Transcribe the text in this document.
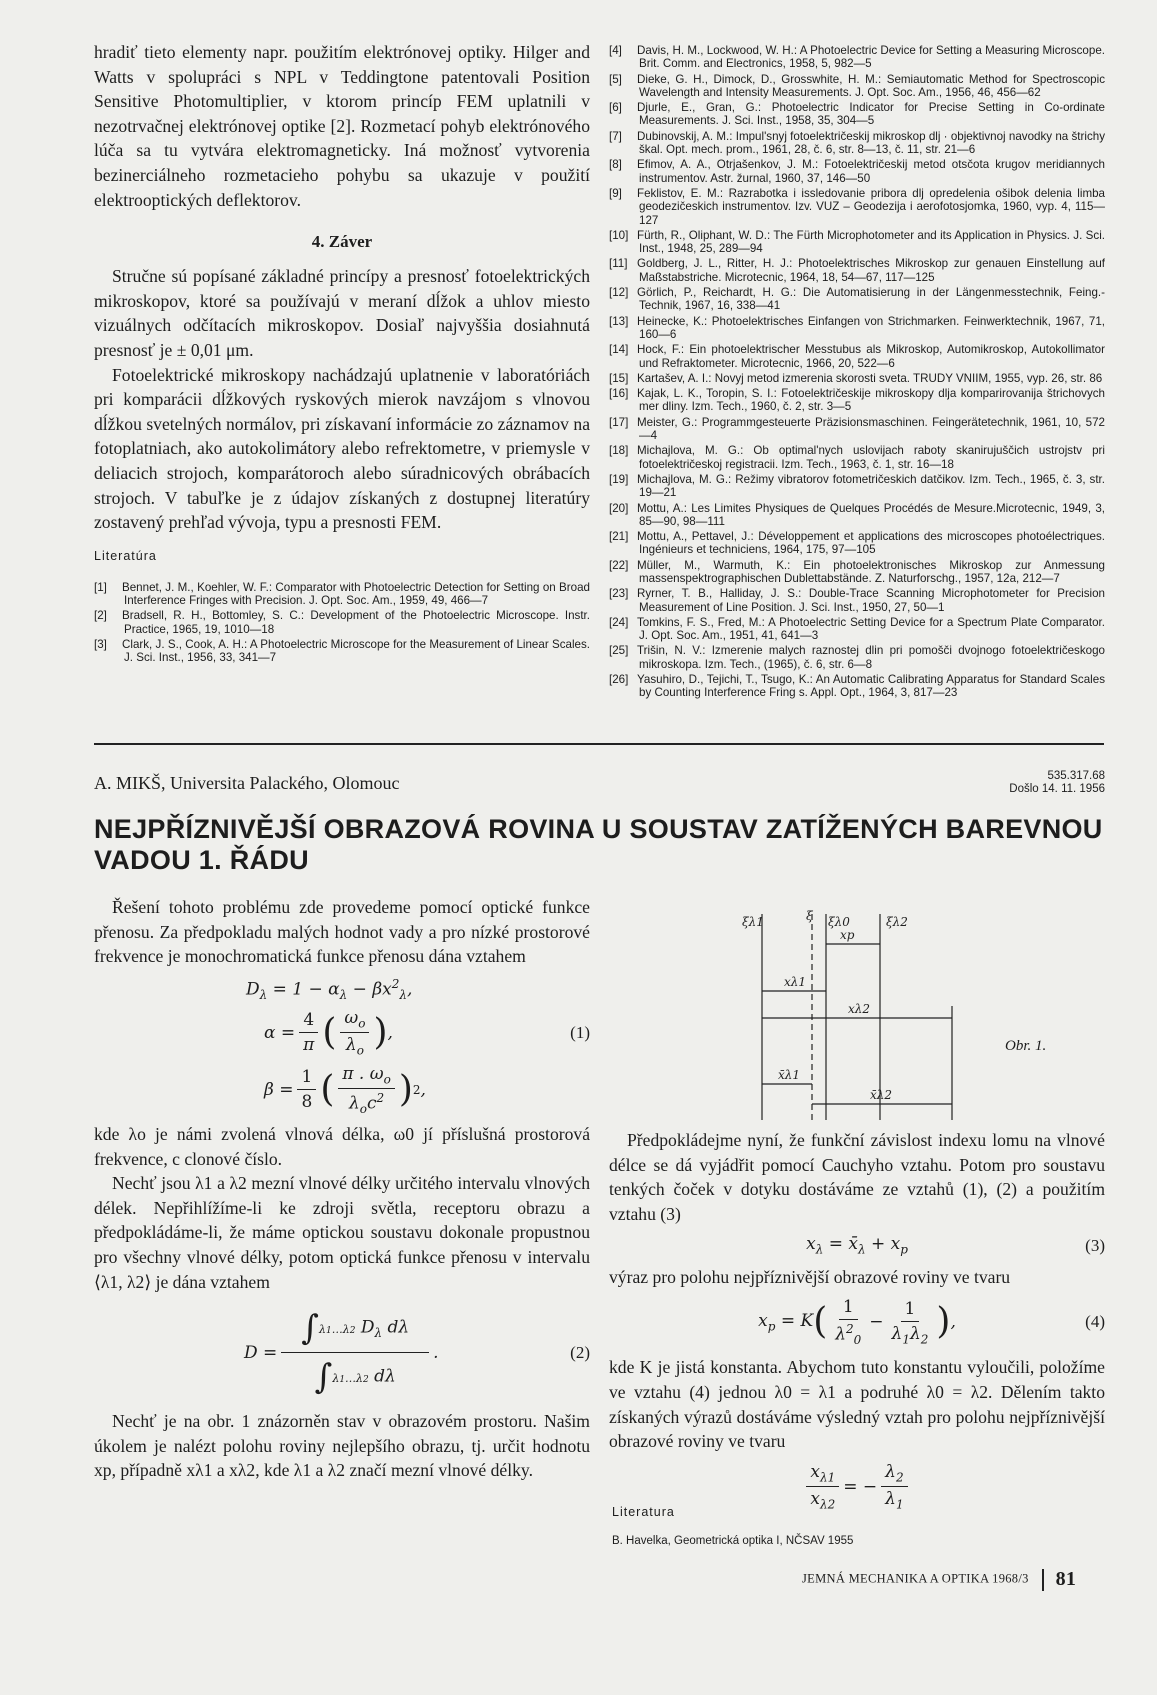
hradiť tieto elementy napr. použitím elektrónovej optiky. Hilger and Watts v spolupráci s NPL v Teddingtone patentovali Position Sensitive Photomultiplier, v ktorom princíp FEM uplatnili v nezotrvačnej elektrónovej optike [2]. Rozmetací pohyb elektrónového lúča sa tu vytvára elektromagneticky. Iná možnosť vytvorenia bezinerciálneho rozmetacieho pohybu sa ukazuje v použití elektrooptických deflektorov.

4. Záver

Stručne sú popísané základné princípy a presnosť fotoelektrických mikroskopov, ktoré sa používajú v meraní dĺžok a uhlov miesto vizuálnych odčítacích mikroskopov. Dosiaľ najvyššia dosiahnutá presnosť je ± 0,01 μm.

Fotoelektrické mikroskopy nachádzajú uplatnenie v laboratóriách pri komparácii dĺžkových ryskových mierok navzájom s vlnovou dĺžkou svetelných normálov, pri získavaní informácie zo záznamov na fotoplatniach, ako autokolimátory alebo refrektometre, v priemysle v deliacich strojoch, komparátoroch alebo súradnicových obrábacích strojoch. V tabuľke je z údajov získaných z dostupnej literatúry zostavený prehľad vývoja, typu a presnosti FEM.

Literatúra
[1] Bennet, J. M., Koehler, W. F.: Comparator with Photoelectric Detection for Setting on Broad Interference Fringes with Precision. J. Opt. Soc. Am., 1959, 49, 466—7
[2] Bradsell, R. H., Bottomley, S. C.: Development of the Photoelectric Microscope. Instr. Practice, 1965, 19, 1010—18
[3] Clark, J. S., Cook, A. H.: A Photoelectric Microscope for the Measurement of Linear Scales. J. Sci. Inst., 1956, 33, 341—7
[4] Davis, H. M., Lockwood, W. H.: A Photoelectric Device for Setting a Measuring Microscope. Brit. Comm. and Electronics, 1958, 5, 982—5
[5] Dieke, G. H., Dimock, D., Grosswhite, H. M.: Semiautomatic Method for Spectroscopic Wavelength and Intensity Measurements. J. Opt. Soc. Am., 1956, 46, 456—62
[6] Djurle, E., Gran, G.: Photoelectric Indicator for Precise Setting in Co-ordinate Measurements. J. Sci. Inst., 1958, 35, 304—5
[7] Dubinovskij, A. M.: Impul'snyj fotoelektričeskij mikroskop dlj · objektivnoj navodky na štrichy škal. Opt. mech. prom., 1961, 28, č. 6, str. 8—13, č. 11, str. 21—6
[8] Efimov, A. A., Otrjašenkov, J. M.: Fotoelektričeskij metod otsčota krugov meridiannych instrumentov. Astr. žurnal, 1960, 37, 146—50
[9] Feklistov, E. M.: Razrabotka i issledovanie pribora dlj opredelenia ošibok delenia limba geodezičeskich instrumentov. Izv. VUZ – Geodezija i aerofotosjomka, 1960, vyp. 4, 115—127
[10] Fürth, R., Oliphant, W. D.: The Fürth Microphotometer and its Application in Physics. J. Sci. Inst., 1948, 25, 289—94
[11] Goldberg, J. L., Ritter, H. J.: Photoelektrisches Mikroskop zur genauen Einstellung auf Maßstabstriche. Microtecnic, 1964, 18, 54—67, 117—125
[12] Görlich, P., Reichardt, H. G.: Die Automatisierung in der Längenmesstechnik, Feing.-Technik, 1967, 16, 338—41
[13] Heinecke, K.: Photoelektrisches Einfangen von Strichmarken. Feinwerktechnik, 1967, 71, 160—6
[14] Hock, F.: Ein photoelektrischer Messtubus als Mikroskop, Automikroskop, Autokollimator und Refraktometer. Microtecnic, 1966, 20, 522—6
[15] Kartašev, A. I.: Novyj metod izmerenia skorosti sveta. TRUDY VNIIM, 1955, vyp. 26, str. 86
[16] Kajak, L. K., Toropin, S. I.: Fotoelektričeskije mikroskopy dlja komparirovanija štrichovych mer dliny. Izm. Tech., 1960, č. 2, str. 3—5
[17] Meister, G.: Programmgesteuerte Präzisionsmaschinen. Feingerätetechnik, 1961, 10, 572—4
[18] Michajlova, M. G.: Ob optimal'nych uslovijach raboty skanirujuščich ustrojstv pri fotoelektričeskoj registracii. Izm. Tech., 1963, č. 1, str. 16—18
[19] Michajlova, M. G.: Režimy vibratorov fotometričeskich datčikov. Izm. Tech., 1965, č. 3, str. 19—21
[20] Mottu, A.: Les Limites Physiques de Quelques Procédés de Mesure.Microtecnic, 1949, 3, 85—90, 98—111
[21] Mottu, A., Pettavel, J.: Développement et applications des microscopes photoélectriques. Ingénieurs et techniciens, 1964, 175, 97—105
[22] Müller, M., Warmuth, K.: Ein photoelektronisches Mikroskop zur Anmessung massenspektrographischen Dublettabstände. Z. Naturforschg., 1957, 12a, 212—7
[23] Ryrner, T. B., Halliday, J. S.: Double-Trace Scanning Microphotometer for Precision Measurement of Line Position. J. Sci. Inst., 1950, 27, 50—1
[24] Tomkins, F. S., Fred, M.: A Photoelectric Setting Device for a Spectrum Plate Comparator. J. Opt. Soc. Am., 1951, 41, 641—3
[25] Trišin, N. V.: Izmerenie malych raznostej dlin pri pomošči dvojnogo fotoelektričeskogo mikroskopa. Izm. Tech., (1965), č. 6, str. 6—8
[26] Yasuhiro, D., Tejichi, T., Tsugo, K.: An Automatic Calibrating Apparatus for Standard Scales by Counting Interference Fring s. Appl. Opt., 1964, 3, 817—23
A. MIKŠ, Universita Palackého, Olomouc	535.317.68
Došlo 14. 11. 1956
NEJPŘÍZNIVĚJŠÍ OBRAZOVÁ ROVINA U SOUSTAV ZATÍŽENÝCH BAREVNOU VADOU 1. ŘÁDU

Řešení tohoto problému zde provedeme pomocí optické funkce přenosu. Za předpokladu malých hodnot vady a pro nízké prostorové frekvence je monochromatická funkce přenosu dána vztahem

$D_\lambda = 1 - \alpha_\lambda - \beta x^2_\lambda$,
$\alpha = \frac{4}{\pi}$ ( $\frac{\omega_o}{\lambda_o}$ ) ,	(1)
$\beta = \frac{1}{8}$ ( $\frac{\pi . \omega_o}{\lambda_oc^2}$ ) 2 ,

kde λo je námi zvolená vlnová délka, ω0 jí příslušná prostorová frekvence, c clonové číslo.

Nechť jsou λ1 a λ2 mezní vlnové délky určitého intervalu vlnových délek. Nepřihlížíme-li ke zdroji světla, receptoru obrazu a předpokládáme-li, že máme optickou soustavu dokonale propustnou pro všechny vlnové délky, potom optická funkce přenosu v intervalu ⟨λ1, λ2⟩ je dána vztahem

$D = \frac{\int\lambda 1\dots\lambda 2 D_\lambda d\lambda}{\int\lambda 1\dots\lambda 2 d\lambda}$ .	(2)

Nechť je na obr. 1 znázorněn stav v obrazovém prostoru. Našim úkolem je nalézt polohu roviny nejlepšího obrazu, tj. určit hodnotu xp, případně xλ1 a xλ2, kde λ1 a λ2 značí mezní vlnové délky.

ξλ1	ξ ξλ0	ξλ2
xp
xλ1
xλ2
x̄λ1
x̄λ2
Obr. 1.

Předpokládejme nyní, že funkční závislost indexu lomu na vlnové délce se dá vyjádřit pomocí Cauchyho vztahu. Potom pro soustavu tenkých čoček v dotyku dostáváme ze vztahů (1), (2) a použitím vztahu (3)

$x_\lambda$ = $x̄_\lambda + x_p$	(3)

výraz pro polohu nejpříznivější obrazové roviny ve tvaru

$x_p = K$ ( $\frac{1}{\lambda^2_0} - \frac{1}{\lambda_1\lambda_2}$ ) ,	(4)

kde K je jistá konstanta. Abychom tuto konstantu vyloučili, položíme ve vztahu (4) jednou λ0 = λ1 a podruhé λ0 = λ2. Dělením takto získaných výrazů dostáváme výsledný vztah pro polohu nejpříznivější obrazové roviny ve tvaru

$\frac{x_{\lambda 1}}{x_{\lambda 2}}$ = − $\frac{\lambda_2}{\lambda_1}$
Literatura
B. Havelka, Geometrická optika I, NČSAV 1955
JEMNÁ MECHANIKA A OPTIKA 1968/3 81
